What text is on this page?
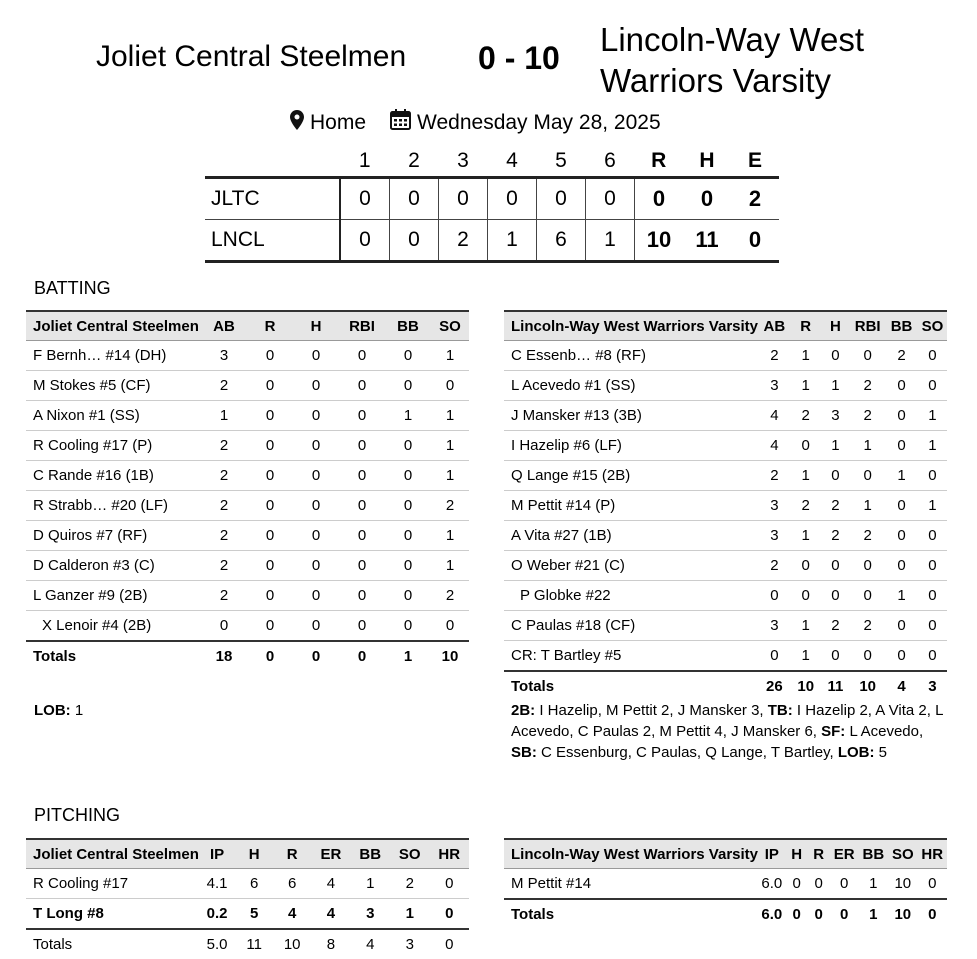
Joliet Central Steelmen 0 - 10 Lincoln-Way West Warriors Varsity
Home Wednesday May 28, 2025
	1	2	3	4	5	6	R	H	E
JLTC	0	0	0	0	0	0	0	0	2
LNCL	0	0	2	1	6	1	10	11	0
BATTING
Joliet Central Steelmen	AB	R	H	RBI	BB	SO
F Bernh… #14 (DH)	3	0	0	0	0	1
M Stokes #5 (CF)	2	0	0	0	0	0
A Nixon #1 (SS)	1	0	0	0	1	1
R Cooling #17 (P)	2	0	0	0	0	1
C Rande #16 (1B)	2	0	0	0	0	1
R Strabb… #20 (LF)	2	0	0	0	0	2
D Quiros #7 (RF)	2	0	0	0	0	1
D Calderon #3 (C)	2	0	0	0	0	1
L Ganzer #9 (2B)	2	0	0	0	0	2
X Lenoir #4 (2B)	0	0	0	0	0	0
Totals	18	0	0	0	1	10
Lincoln-Way West Warriors Varsity	AB	R	H	RBI	BB	SO
C Essenb… #8 (RF)	2	1	0	0	2	0
L Acevedo #1 (SS)	3	1	1	2	0	0
J Mansker #13 (3B)	4	2	3	2	0	1
I Hazelip #6 (LF)	4	0	1	1	0	1
Q Lange #15 (2B)	2	1	0	0	1	0
M Pettit #14 (P)	3	2	2	1	0	1
A Vita #27 (1B)	3	1	2	2	0	0
O Weber #21 (C)	2	0	0	0	0	0
P Globke #22	0	0	0	0	1	0
C Paulas #18 (CF)	3	1	2	2	0	0
CR: T Bartley #5	0	1	0	0	0	0
Totals	26	10	11	10	4	3
LOB: 1	2B: I Hazelip, M Pettit 2, J Mansker 3, TB: I Hazelip 2, A Vita 2, L Acevedo, C Paulas 2, M Pettit 4, J Mansker 6, SF: L Acevedo, SB: C Essenburg, C Paulas, Q Lange, T Bartley, LOB: 5
PITCHING
Joliet Central Steelmen	IP	H	R	ER	BB	SO	HR
R Cooling #17	4.1	6	6	4	1	2	0
T Long #8	0.2	5	4	4	3	1	0
Totals	5.0	11	10	8	4	3	0
Lincoln-Way West Warriors Varsity	IP	H	R	ER	BB	SO	HR
M Pettit #14	6.0	0	0	0	1	10	0
Totals	6.0	0	0	0	1	10	0
